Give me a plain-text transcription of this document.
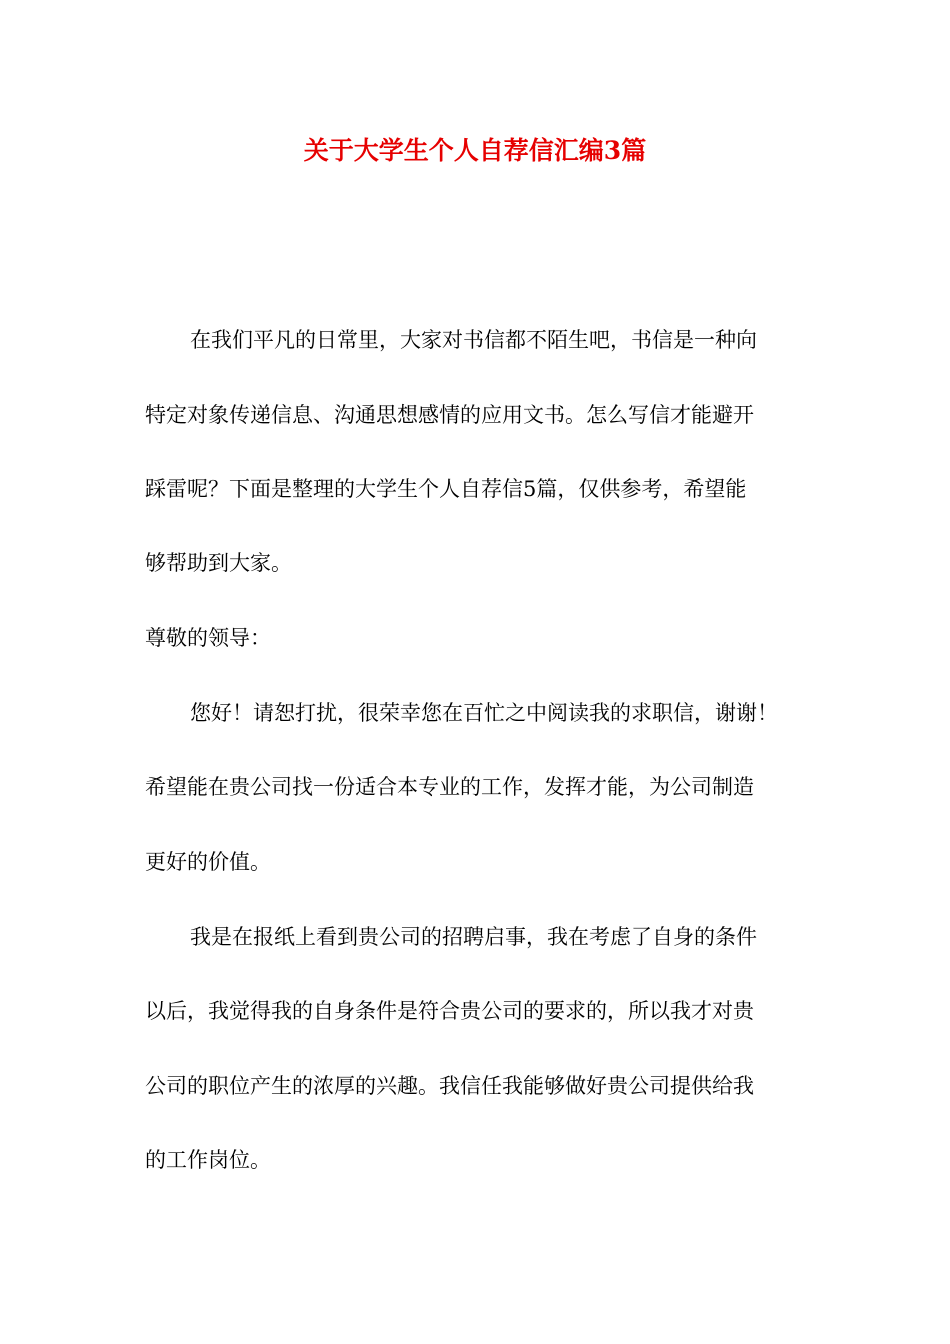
关于大学生个人自荐信汇编3篇

在我们平凡的日常里，大家对书信都不陌生吧，书信是一种向

特定对象传递信息、沟通思想感情的应用文书。怎么写信才能避开

踩雷呢？下面是整理的大学生个人自荐信5篇，仅供参考，希望能

够帮助到大家。

尊敬的领导：

您好！请恕打扰，很荣幸您在百忙之中阅读我的求职信，谢谢！

希望能在贵公司找一份适合本专业的工作，发挥才能，为公司制造

更好的价值。

我是在报纸上看到贵公司的招聘启事，我在考虑了自身的条件

以后，我觉得我的自身条件是符合贵公司的要求的，所以我才对贵

公司的职位产生的浓厚的兴趣。我信任我能够做好贵公司提供给我

的工作岗位。
